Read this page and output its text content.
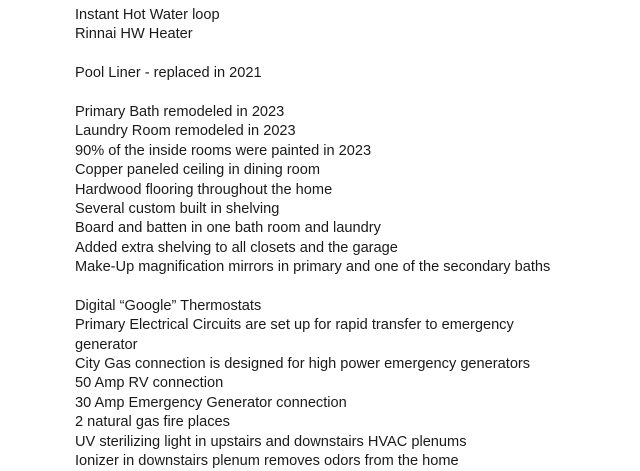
Instant Hot Water loop
Rinnai HW Heater
Pool Liner - replaced in 2021
Primary Bath remodeled in 2023
Laundry Room remodeled in 2023
90% of the inside rooms were painted in 2023
Copper paneled ceiling in dining room
Hardwood flooring throughout the home
Several custom built in shelving
Board and batten in one bath room and laundry
Added extra shelving to all closets and the garage
Make-Up magnification mirrors in primary and one of the secondary baths
Digital “Google” Thermostats
Primary Electrical Circuits are set up for rapid transfer to emergency
generator
City Gas connection is designed for high power emergency generators
50 Amp RV connection
30 Amp Emergency Generator connection
2 natural gas fire places
UV sterilizing light in upstairs and downstairs HVAC plenums
Ionizer in downstairs plenum removes odors from the home
